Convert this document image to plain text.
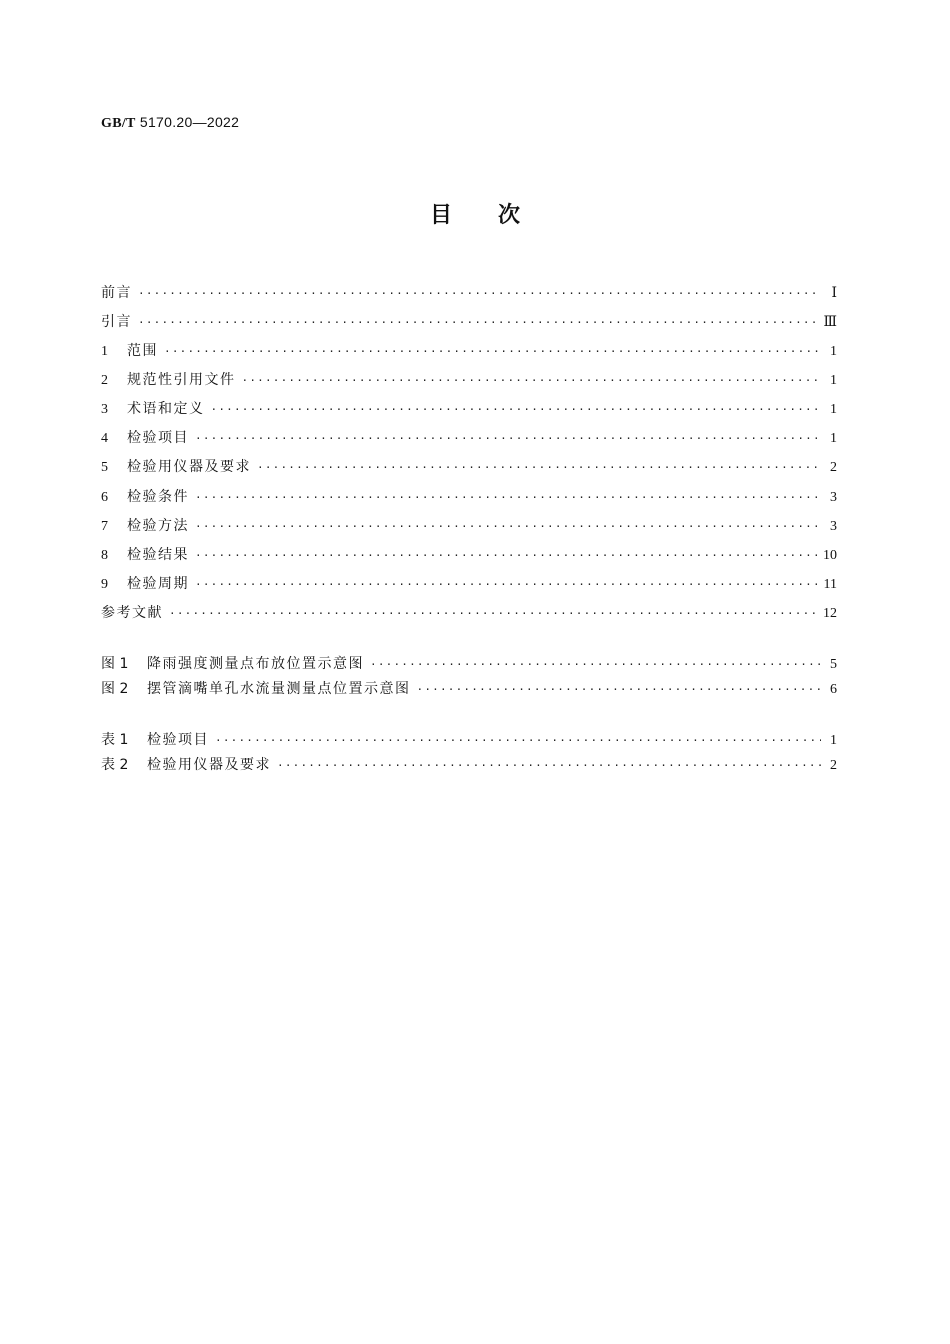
GB/T 5170.20—2022
目 次
前言 ·····	Ⅰ
引言 ·····	Ⅲ
1	范围 ·····	1
2	规范性引用文件 ·····	1
3	术语和定义 ·····	1
4	检验项目 ·····	1
5	检验用仪器及要求 ·····	2
6	检验条件 ·····	3
7	检验方法 ·····	3
8	检验结果 ·····	10
9	检验周期 ·····	11
参考文献 ·····	12
图 1	降雨强度测量点布放位置示意图 ·····	5
图 2	摆管滴嘴单孔水流量测量点位置示意图 ·····	6
表 1	检验项目 ·····	1
表 2	检验用仪器及要求 ·····	2
